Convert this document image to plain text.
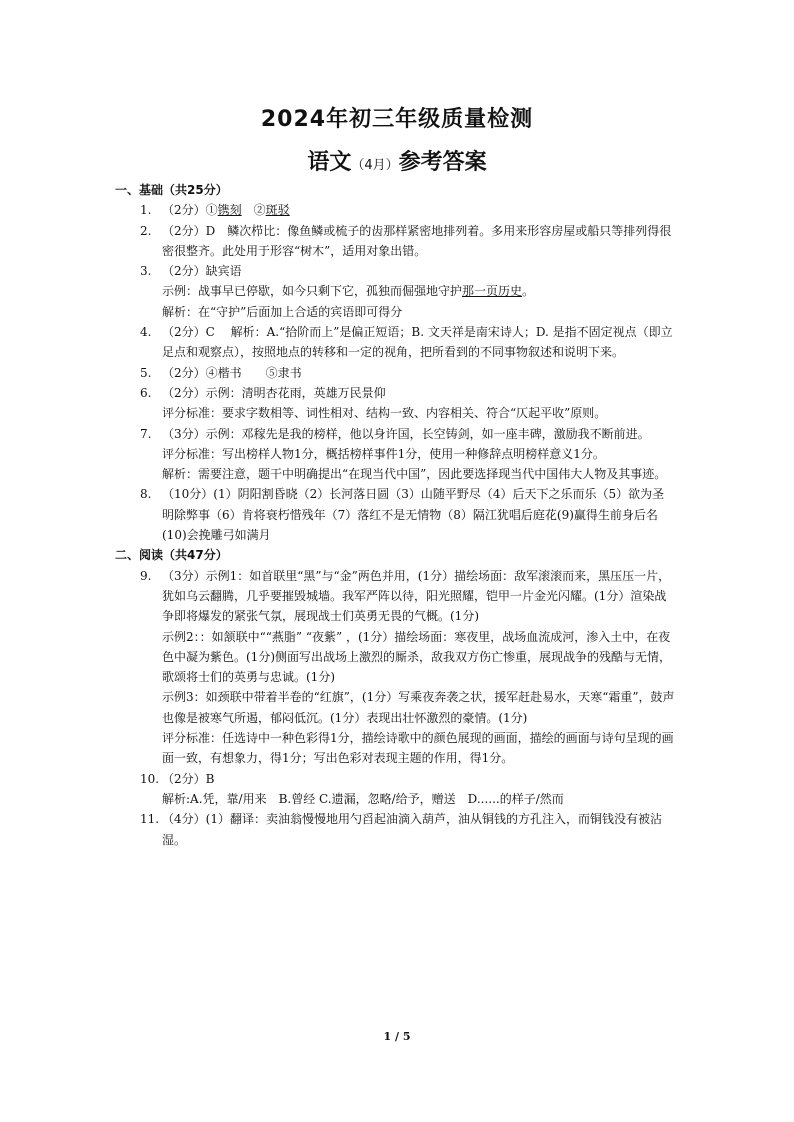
2024年初三年级质量检测
语文（4月）参考答案
一、基础（共25分）
1. （2分）①镌刻　②斑驳
2. （2分）D　鳞次栉比：像鱼鳞或梳子的齿那样紧密地排列着。多用来形容房屋或船只等排列得很密很整齐。此处用于形容“树木”，适用对象出错。
3. （2分）缺宾语
示例：战事早已停歇，如今只剩下它，孤独而倔强地守护那一页历史。
解析：在“守护”后面加上合适的宾语即可得分
4. （2分）C　 解析：A.“拾阶而上”是偏正短语；B. 文天祥是南宋诗人；D. 是指不固定视点（即立足点和观察点），按照地点的转移和一定的视角，把所看到的不同事物叙述和说明下来。
5. （2分）④楷书　　⑤隶书
6. （2分）示例：清明杏花雨，英雄万民景仰
评分标准：要求字数相等、词性相对、结构一致、内容相关、符合“仄起平收”原则。
7. （3分）示例：邓稼先是我的榜样，他以身许国，长空铸剑，如一座丰碑，激励我不断前进。
评分标准：写出榜样人物1分，概括榜样事件1分，使用一种修辞点明榜样意义1分。
解析：需要注意，题干中明确提出“在现当代中国”，因此要选择现当代中国伟大人物及其事迹。
8. （10分）(1）阴阳割昏晓（2）长河落日圆（3）山随平野尽（4）后天下之乐而乐（5）欲为圣明除弊事（6）肯将衰朽惜残年（7）落红不是无情物（8）隔江犹唱后庭花(9)赢得生前身后名(10)会挽雕弓如满月
二、阅读（共47分）
9. （3分）示例1：如首联里“黑”与“金”两色并用，(1分）描绘场面：敌军滚滚而来，黑压压一片，犹如乌云翻腾，几乎要摧毁城墙。我军严阵以待，阳光照耀，铠甲一片金光闪耀。(1分）渲染战争即将爆发的紧张气氛，展现战士们英勇无畏的气概。(1分)
示例2：：如颔联中““燕脂” “夜紫” ，(1分）描绘场面：寒夜里，战场血流成河，渗入土中，在夜色中凝为紫色。(1分)侧面写出战场上激烈的厮杀，敌我双方伤亡惨重，展现战争的残酷与无情，歌颂将士们的英勇与忠诚。(1分)
示例3：如颈联中带着半卷的“红旗”，(1分）写乘夜奔袭之状，援军赶赴易水，天寒“霜重”，鼓声也像是被寒气所遏，郁闷低沉。(1分）表现出壮怀激烈的豪情。(1分)
评分标准：任选诗中一种色彩得1分，描绘诗歌中的颜色展现的画面，描绘的画面与诗句呈现的画面一致，有想象力，得1分；写出色彩对表现主题的作用，得1分。
10. （2分）B
解析:A.凭，靠/用来　B.曾经 C.遗漏，忽略/给予，赠送　D......的样子/然而
11. （4分）(1）翻译：卖油翁慢慢地用勺舀起油滴入葫芦，油从铜钱的方孔注入，而铜钱没有被沾湿。
1 / 5
